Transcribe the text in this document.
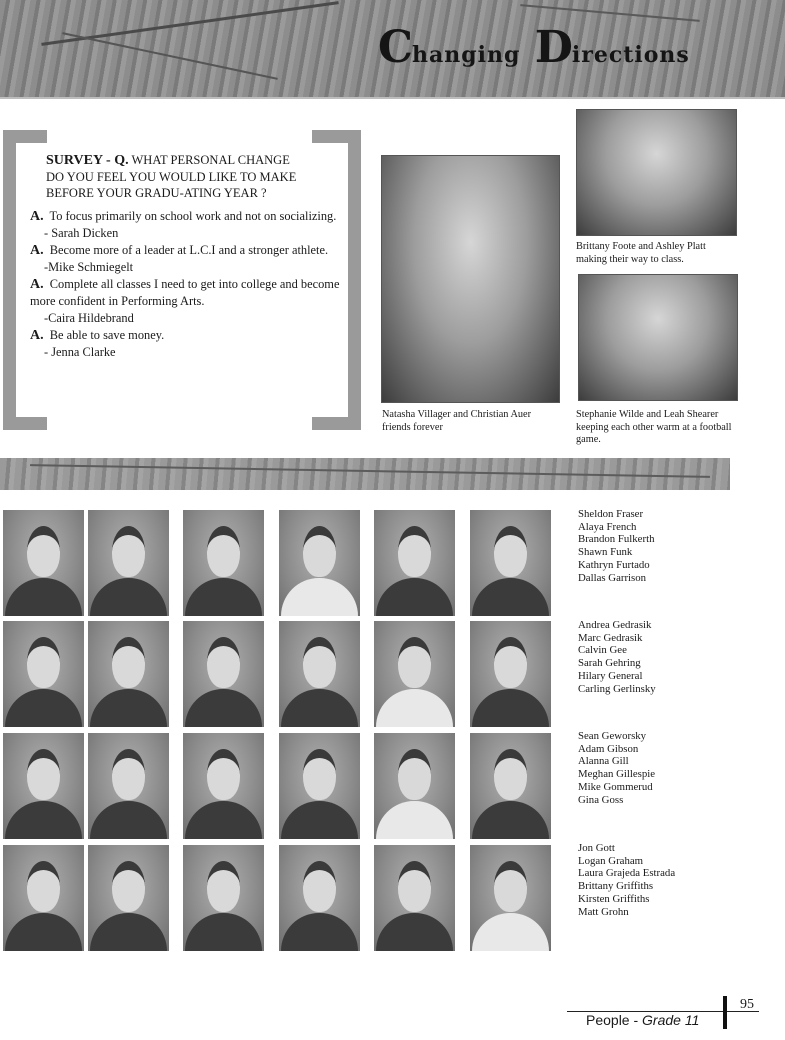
Changing Directions
SURVEY - Q. WHAT PERSONAL CHANGE DO YOU FEEL YOU WOULD LIKE TO MAKE BEFORE YOUR GRADU-ATING YEAR ?
A. To focus primarily on school work and not on socializing.
- Sarah Dicken
A. Become more of a leader at L.C.I and a stronger athlete.
-Mike Schmiegelt
A. Complete all classes I need to get into college and become more confident in Performing Arts.
-Caira Hildebrand
A. Be able to save money.
- Jenna Clarke
Natasha Villager and Christian Auer friends forever
Brittany Foote and Ashley Platt making their way to class.
Stephanie Wilde and Leah Shearer keeping each other warm at a football game.
Sheldon Fraser
Alaya French
Brandon Fulkerth
Shawn Funk
Kathryn Furtado
Dallas Garrison
Andrea Gedrasik
Marc Gedrasik
Calvin Gee
Sarah Gehring
Hilary General
Carling Gerlinsky
Sean Geworsky
Adam Gibson
Alanna Gill
Meghan Gillespie
Mike Gommerud
Gina Goss
Jon Gott
Logan Graham
Laura Grajeda Estrada
Brittany Griffiths
Kirsten Griffiths
Matt Grohn
People - Grade 11
95
